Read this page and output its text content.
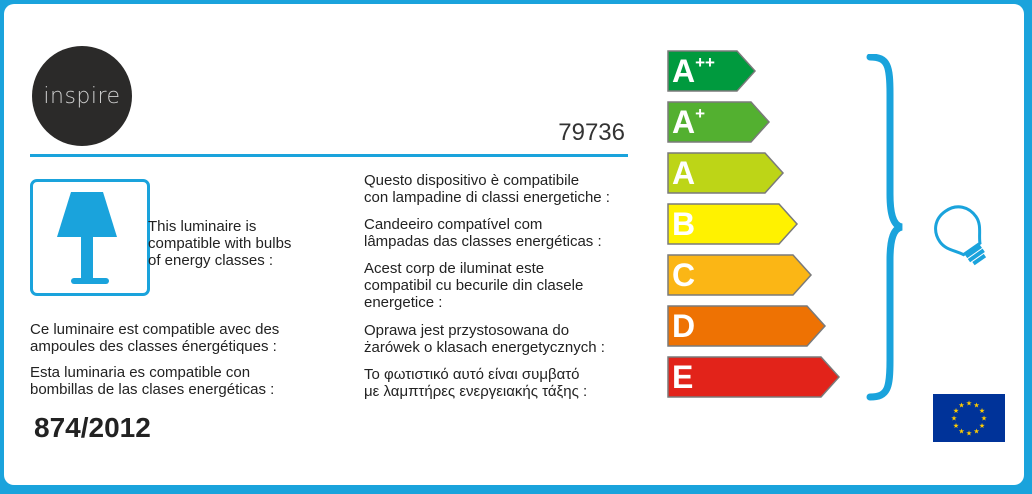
inspire
79736

This luminaire is
compatible with bulbs
of energy classes :

Ce luminaire est compatible avec des
ampoules des classes énergétiques :

Esta luminaria es compatible con
bombillas de las clases energéticas :

Questo dispositivo è compatibile
con lampadine di classi energetiche :

Candeeiro compatível com
lâmpadas das classes energéticas :

Acest corp de iluminat este
compatibil cu becurile din clasele
energetice :

Oprawa jest przystosowana do
żarówek o klasach energetycznych :

Το φωτιστικό αυτό είναι συμβατό
με λαμπτήρες ενεργειακής τάξης :

874/2012
A++
A+
A
B
C
D
E
★ ★
★
★
★
★
★
★
★
★
★
★
